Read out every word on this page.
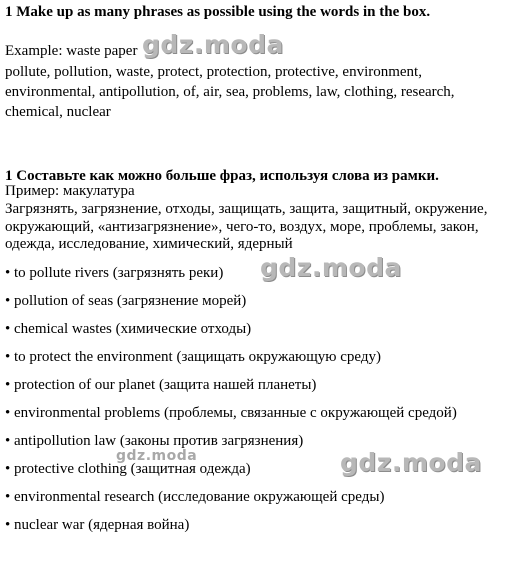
1 Make up as many phrases as possible using the words in the box.

Example: waste paper
pollute, pollution, waste, protect, protection, protective, environment, environmental, antipollution, of, air, sea, problems, law, clothing, research, chemical, nuclear

1 Составьте как можно больше фраз, используя слова из рамки.

Пример: макулатура
Загрязнять, загрязнение, отходы, защищать, защита, защитный, окружение, окружающий, «антизагрязнение», чего-то, воздух, море, проблемы, закон, одежда, исследование, химический, ядерный
• to pollute rivers (загрязнять реки)
• pollution of seas (загрязнение морей)
• chemical wastes (химические отходы)
• to protect the environment (защищать окружающую среду)
• protection of our planet (защита нашей планеты)
• environmental problems (проблемы, связанные с окружающей средой)
• antipollution law (законы против загрязнения)
• protective clothing (защитная одежда)
• environmental research (исследование окружающей среды)
• nuclear war (ядерная война)
gdz.moda
gdz.moda
gdz.moda
gdz.moda
